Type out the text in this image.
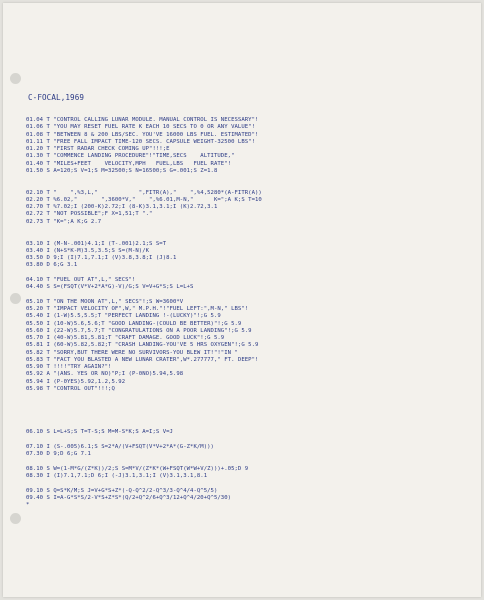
C-FOCAL,1969
01.04 T "CONTROL CALLING LUNAR MODULE. MANUAL CONTROL IS NECESSARY"!
01.06 T "YOU MAY RESET FUEL RATE K EACH 10 SECS TO 0 OR ANY VALUE"!
01.08 T "BETWEEN 8 & 200 LBS/SEC. YOU'VE 16000 LBS FUEL. ESTIMATED"!
01.11 T "FREE FALL IMPACT TIME-120 SECS. CAPSULE WEIGHT-32500 LBS"!
01.20 T "FIRST RADAR CHECK COMING UP"!!!;E
01.30 T "COMMENCE LANDING PROCEDURE"!"TIME,SECS    ALTITUDE,"
01.40 T "MILES+FEET    VELOCITY,MPH   FUEL,LBS   FUEL RATE"!
01.50 S A=120;S V=1;S M=32500;S N=16500;S G=.001;S Z=1.8
02.10 T "    ",%3,L,"            ",FITR(A),"    ",%4,5280*(A-FITR(A))
02.20 T %6.02,"       ",3600*V,"    ",%6.01,M-N,"      K=";A K;S T=10
02.70 T %7.02;I (200-K)2.72;I (8-K)3.1,3.1;I (K)2.72,3.1
02.72 T "NOT POSSIBLE";F X=1,51;T "."
02.73 T "K=";A K;G 2.7
03.10 I (M-N-.001)4.1;I (T-.001)2.1;S S=T
03.40 I (N+S*K-M)3.5,3.5;S S=(M-N)/K
03.50 D 9;I (I)7.1,7.1;I (V)3.8,3.8;I (J)8.1
03.80 D 6;G 3.1
04.10 T "FUEL OUT AT",L," SECS"!
04.40 S S=(FSQT(V*V+2*A*G)-V)/G;S V=V+G*S;S L=L+S
05.10 T "ON THE MOON AT",L," SECS"!;S W=3600*V
05.20 T "IMPACT VELOCITY OF",W," M.P.H."!"FUEL LEFT:",M-N," LBS"!
05.40 I (1-W)5.5,5.5;T "PERFECT LANDING !-(LUCKY)"!;G 5.9
05.50 I (10-W)5.6,5.6;T "GOOD LANDING-(COULD BE BETTER)"!;G 5.9
05.60 I (22-W)5.7,5.7;T "CONGRATULATIONS ON A POOR LANDING"!;G 5.9
05.70 I (40-W)5.81,5.81;T "CRAFT DAMAGE. GOOD LUCK"!;G 5.9
05.81 I (60-W)5.82,5.82;T "CRASH LANDING-YOU'VE 5 HRS OXYGEN"!;G 5.9
05.82 T "SORRY,BUT THERE WERE NO SURVIVORS-YOU BLEW IT!"!"IN "
05.83 T "FACT YOU BLASTED A NEW LUNAR CRATER",W*.277777," FT. DEEP"!
05.90 T !!!!"TRY AGAIN?"!
05.92 A "(ANS. YES OR NO)"P;I (P-0NO)5.94,5.98
05.94 I (P-0YES)5.92,1.2,5.92
05.98 T "CONTROL OUT"!!!;Q
06.10 S L=L+S;S T=T-S;S M=M-S*K;S A=I;S V=J
07.10 I (S-.005)6.1;S S=2*A/(V+FSQT(V*V+2*A*(G-Z*K/M)))
07.30 D 9;D 6;G 7.1
08.10 S W=(1-M*G/(Z*K))/2;S S=M*V/(Z*K*(W+FSQT(W*W+V/Z)))+.05;D 9
08.30 I (I)7.1,7.1;D 6;I (-J)3.1,3.1;I (V)3.1,3.1,8.1
09.10 S Q=S*K/M;S J=V+G*S+Z*(-Q-Q^2/2-Q^3/3-Q^4/4-Q^5/5)
09.40 S I=A-G*S*S/2-V*S+Z*S*(Q/2+Q^2/6+Q^3/12+Q^4/20+Q^5/30)
*
